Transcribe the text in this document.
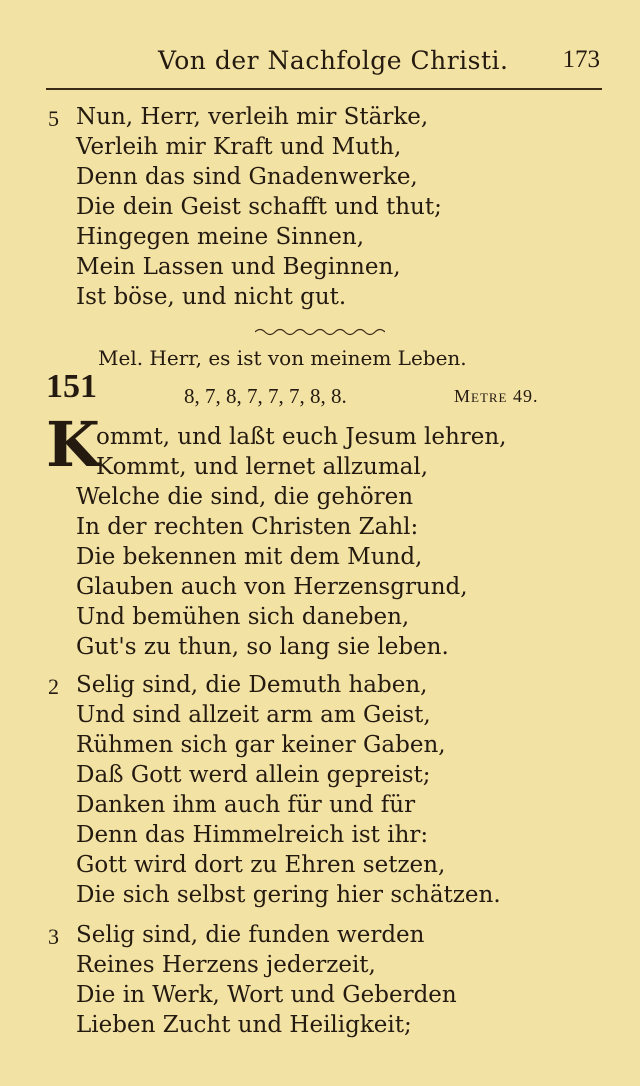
Von der Nachfolge Christi. 173
5 Nun, Herr, verleih mir Stärke,
Verleih mir Kraft und Muth,
Denn das sind Gnadenwerke,
Die dein Geist schafft und thut;
Hingegen meine Sinnen,
Mein Lassen und Beginnen,
Ist böse, und nicht gut.
Mel. Herr, es ist von meinem Leben.
151	8, 7, 8, 7, 7, 7, 8, 8.	Metre 49.
K
ommt, und laßt euch Jesum lehren,
Kommt, und lernet allzumal,
Welche die sind, die gehören
In der rechten Christen Zahl:
Die bekennen mit dem Mund,
Glauben auch von Herzensgrund,
Und bemühen sich daneben,
Gut's zu thun, so lang sie leben.
2 Selig sind, die Demuth haben,
Und sind allzeit arm am Geist,
Rühmen sich gar keiner Gaben,
Daß Gott werd allein gepreist;
Danken ihm auch für und für
Denn das Himmelreich ist ihr:
Gott wird dort zu Ehren setzen,
Die sich selbst gering hier schätzen.
3 Selig sind, die funden werden
Reines Herzens jederzeit,
Die in Werk, Wort und Geberden
Lieben Zucht und Heiligkeit;
